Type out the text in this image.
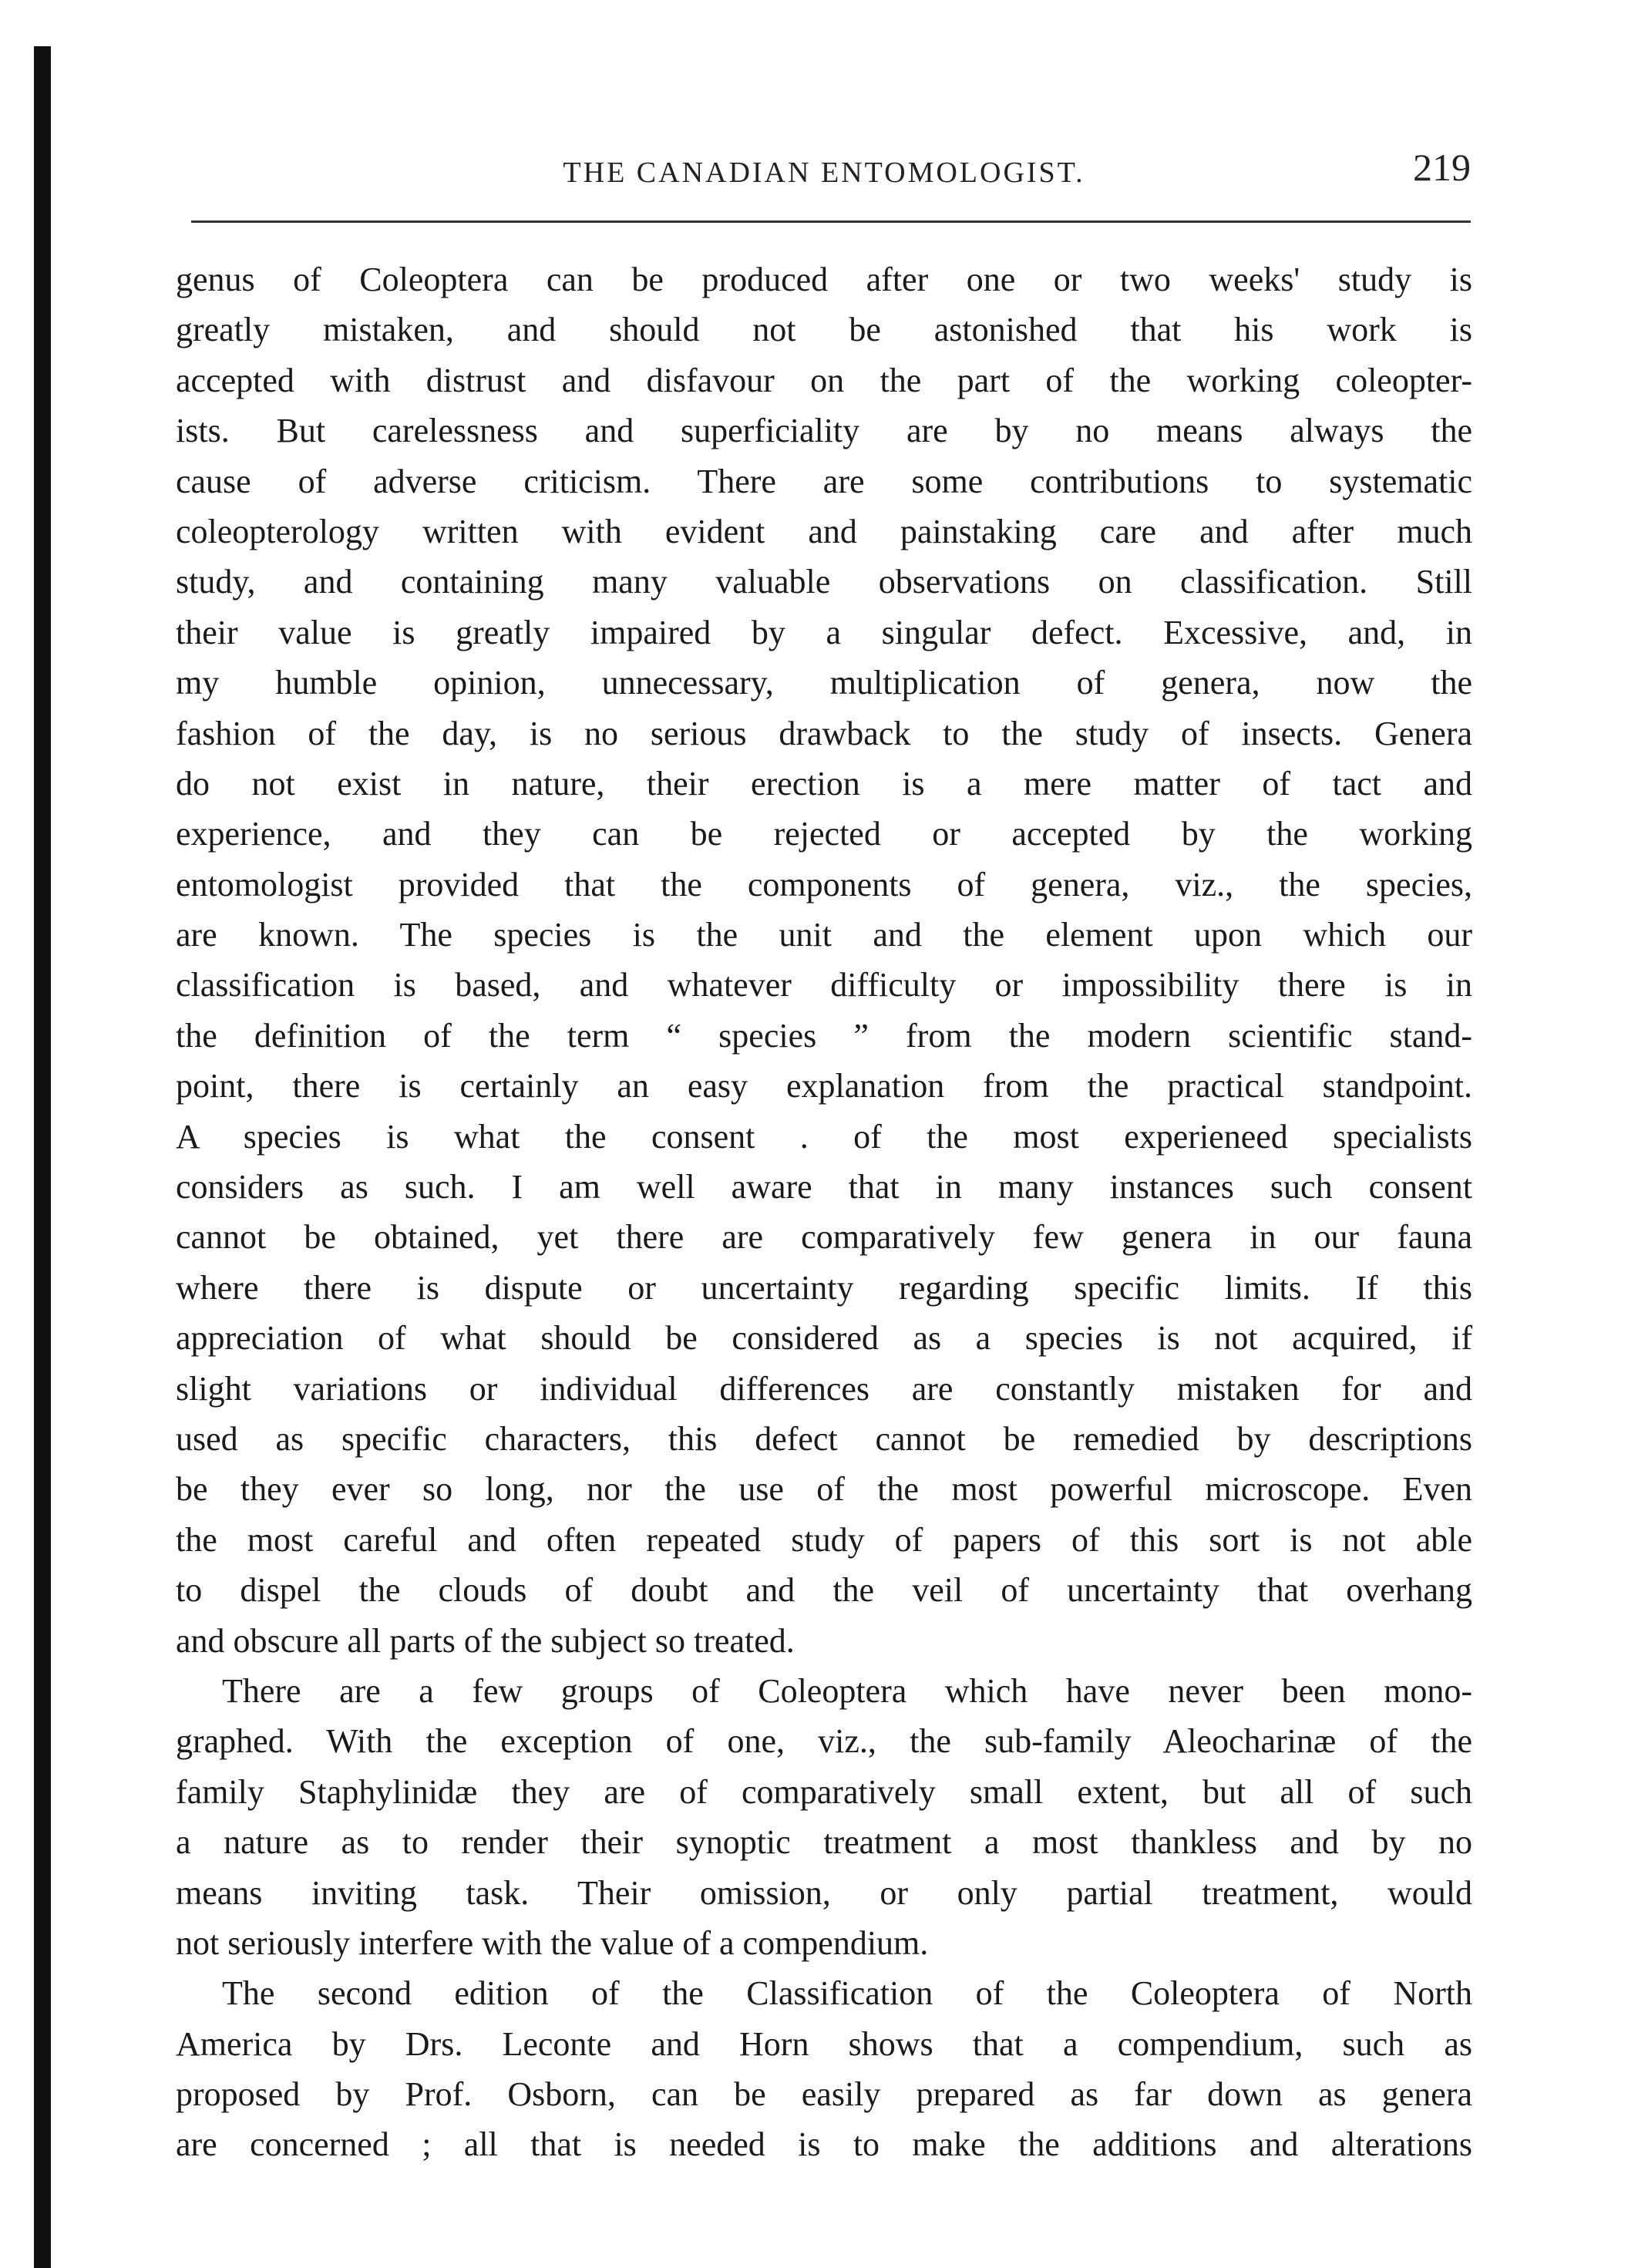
THE CANADIAN ENTOMOLOGIST.	219
genus of Coleoptera can be produced after one or two weeks' study is
greatly mistaken, and should not be astonished that his work is
accepted with distrust and disfavour on the part of the working coleopter-
ists. But carelessness and superficiality are by no means always the
cause of adverse criticism. There are some contributions to systematic
coleopterology written with evident and painstaking care and after much
study, and containing many valuable observations on classification. Still
their value is greatly impaired by a singular defect. Excessive, and, in
my humble opinion, unnecessary, multiplication of genera, now the
fashion of the day, is no serious drawback to the study of insects. Genera
do not exist in nature, their erection is a mere matter of tact and
experience, and they can be rejected or accepted by the working
entomologist provided that the components of genera, viz., the species,
are known. The species is the unit and the element upon which our
classification is based, and whatever difficulty or impossibility there is in
the definition of the term “ species ” from the modern scientific stand-
point, there is certainly an easy explanation from the practical standpoint.
A species is what the consent . of the most experieneed specialists
considers as such. I am well aware that in many instances such consent
cannot be obtained, yet there are comparatively few genera in our fauna
where there is dispute or uncertainty regarding specific limits. If this
appreciation of what should be considered as a species is not acquired, if
slight variations or individual differences are constantly mistaken for and
used as specific characters, this defect cannot be remedied by descriptions
be they ever so long, nor the use of the most powerful microscope. Even
the most careful and often repeated study of papers of this sort is not able
to dispel the clouds of doubt and the veil of uncertainty that overhang
and obscure all parts of the subject so treated.
There are a few groups of Coleoptera which have never been mono-
graphed. With the exception of one, viz., the sub-family Aleocharinæ of the
family Staphylinidæ they are of comparatively small extent, but all of such
a nature as to render their synoptic treatment a most thankless and by no
means inviting task. Their omission, or only partial treatment, would
not seriously interfere with the value of a compendium.
The second edition of the Classification of the Coleoptera of North
America by Drs. Leconte and Horn shows that a compendium, such as
proposed by Prof. Osborn, can be easily prepared as far down as genera
are concerned ; all that is needed is to make the additions and alterations
